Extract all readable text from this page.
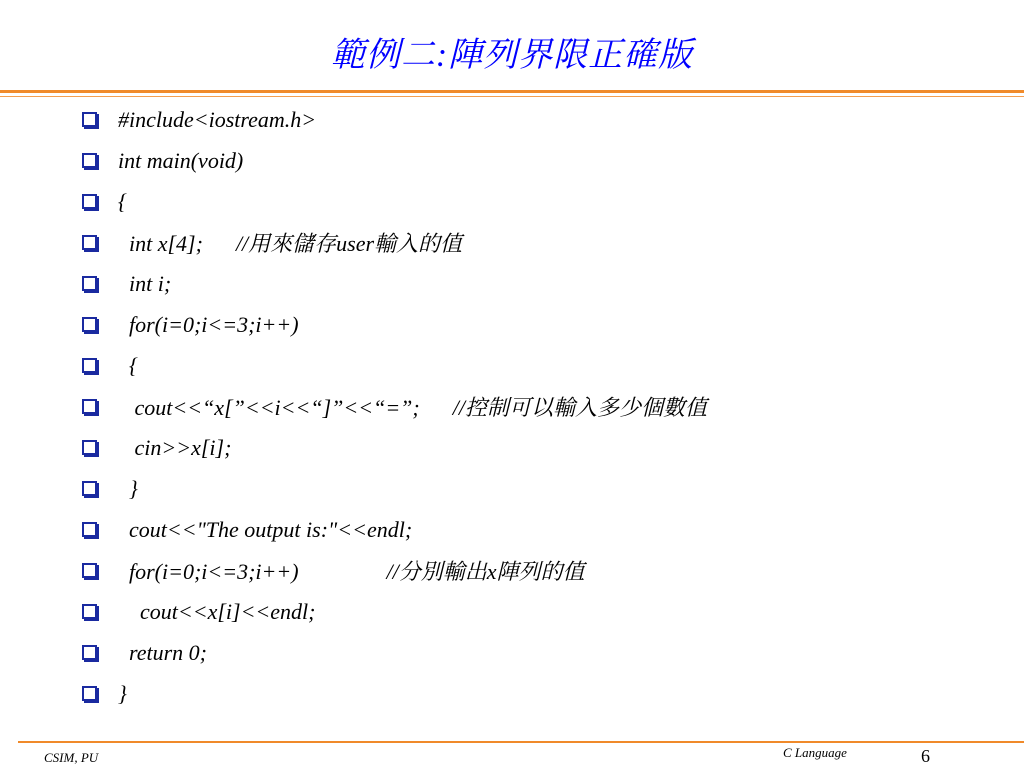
範例二:陣列界限正確版
#include<iostream.h>
int main(void)
{
int x[4];      //用來儲存user輸入的值
int i;
for(i=0;i<=3;i++)
{
cout<<“x[”<<i<<“]”<<“=”;      //控制可以輸入多少個數值
cin>>x[i];
}
cout<<"The output is:"<<endl;
for(i=0;i<=3;i++)                //分別輸出x陣列的值
cout<<x[i]<<endl;
return 0;
}
CSIM, PU	C Language	6
